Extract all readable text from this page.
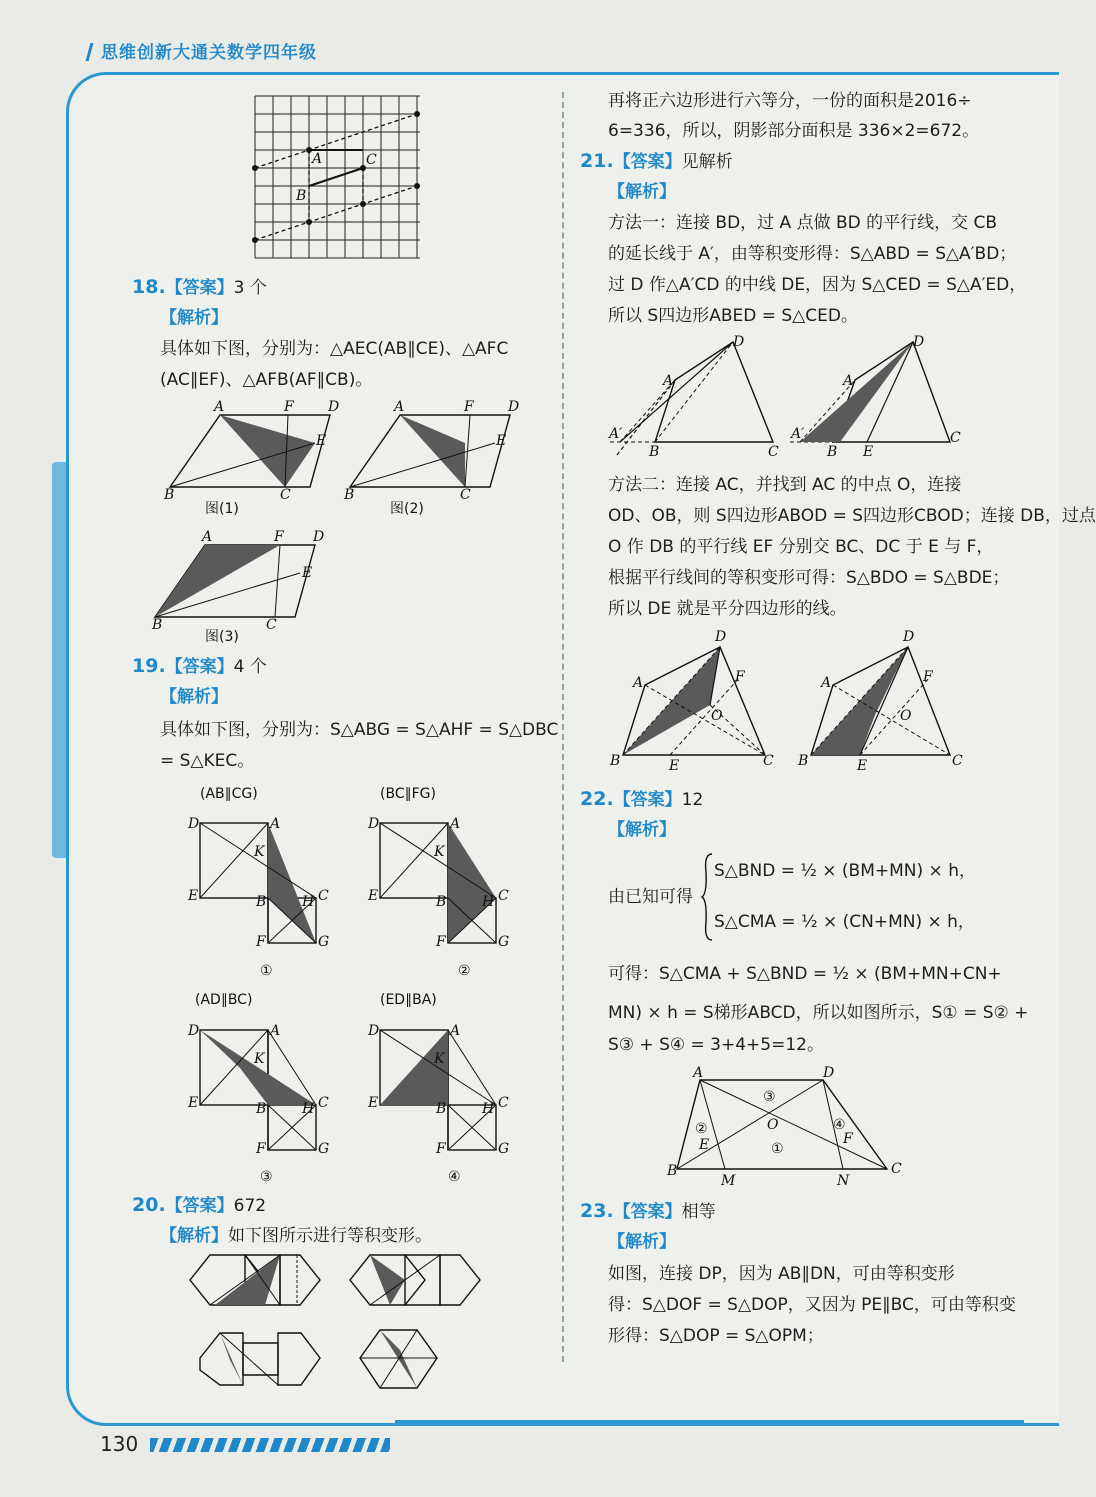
思维创新大通关数学四年级
A	C
B
18.【答案】3 个
【解析】
具体如下图，分别为：△AEC(AB∥CE)、△AFC
(AC∥EF)、△AFB(AF∥CB)。
A	F D
E
B	C
A	F D
E
B	C
A	F D
E
B	C
图(1)	图(2)
图(3)
19.【答案】4 个
【解析】
具体如下图，分别为：S△ABG = S△AHF = S△DBC
= S△KEC。
(AB∥CG)	(BC∥FG)
D	A
K
E	B	C
H
F	G
D	A
K
E	B	C
H
F	G
①	②
(AD∥BC)	(ED∥BA)
D	A
K
E	B	C
H
F	G
D	A
K
E	B	C
H
F	G
③	④
20.【答案】672
【解析】如下图所示进行等积变形。
再将正六边形进行六等分，一份的面积是2016÷
6=336，所以，阴影部分面积是 336×2=672。
21.【答案】见解析
【解析】
方法一：连接 BD，过 A 点做 BD 的平行线，交 CB
的延长线于 A′，由等积变形得：S△ABD = S△A′BD；
过 D 作△A′CD 的中线 DE，因为 S△CED = S△A′ED，
所以 S四边形ABED = S△CED。
D
A
A′
B	C
D
A
A′
B E
C
方法二：连接 AC，并找到 AC 的中点 O，连接
OD、OB，则 S四边形ABOD = S四边形CBOD；连接 DB，过点
O 作 DB 的平行线 EF 分别交 BC、DC 于 E 与 F，
根据平行线间的等积变形可得：S△BDO = S△BDE；
所以 DE 就是平分四边形的线。
D
A	F
O
B	E	C
D
A	F
O
B	E	C
22.【答案】12
【解析】
由已知可得
S△BND = ½ × (BM+MN) × h，
S△CMA = ½ × (CN+MN) × h，
可得：S△CMA + S△BND = ½ × (BM+MN+CN+
MN) × h = S梯形ABCD，所以如图所示，S① = S② +
S③ + S④ = 3+4+5=12。
A	D
③
②
E
O	④
F
①
B
M	N
C
23.【答案】相等
【解析】
如图，连接 DP，因为 AB∥DN，可由等积变形
得：S△DOF = S△DOP，又因为 PE∥BC，可由等积变
形得：S△DOP = S△OPM；
130
